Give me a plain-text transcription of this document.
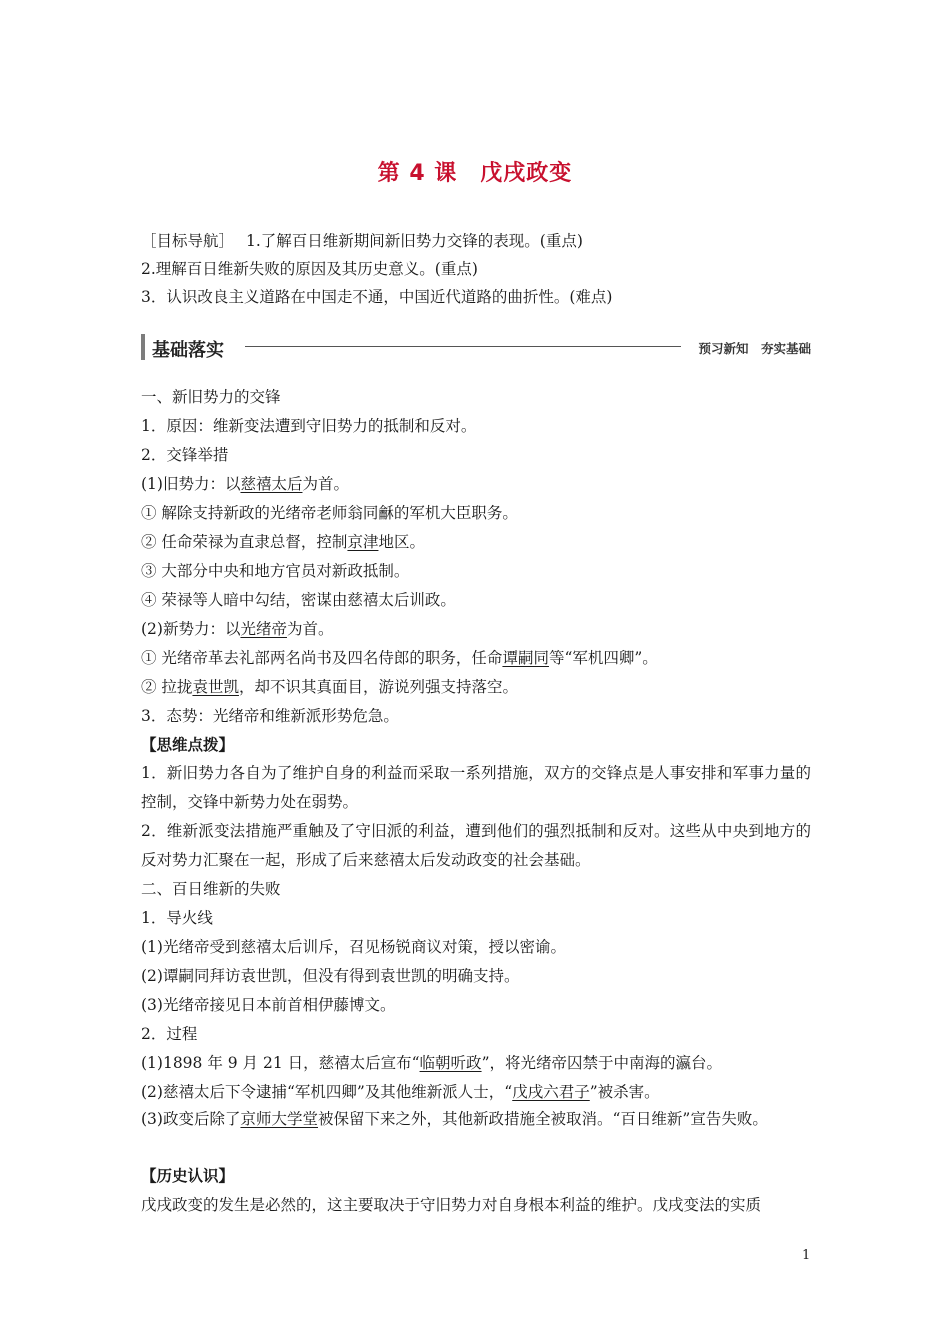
第 4 课　戊戌政变
［目标导航］ 1.了解百日维新期间新旧势力交锋的表现。(重点)
2.理解百日维新失败的原因及其历史意义。(重点)
3．认识改良主义道路在中国走不通，中国近代道路的曲折性。(难点)
基础落实	预习新知　夯实基础
一、新旧势力的交锋
1．原因：维新变法遭到守旧势力的抵制和反对。
2．交锋举措
(1)旧势力：以慈禧太后为首。
① 解除支持新政的光绪帝老师翁同龢的军机大臣职务。
② 任命荣禄为直隶总督，控制京津地区。
③ 大部分中央和地方官员对新政抵制。
④ 荣禄等人暗中勾结，密谋由慈禧太后训政。
(2)新势力：以光绪帝为首。
① 光绪帝革去礼部两名尚书及四名侍郎的职务，任命谭嗣同等“军机四卿”。
② 拉拢袁世凯，却不识其真面目，游说列强支持落空。
3．态势：光绪帝和维新派形势危急。
【思维点拨】
1．新旧势力各自为了维护自身的利益而采取一系列措施，双方的交锋点是人事安排和军事力量的控制，交锋中新势力处在弱势。
2．维新派变法措施严重触及了守旧派的利益，遭到他们的强烈抵制和反对。这些从中央到地方的反对势力汇聚在一起，形成了后来慈禧太后发动政变的社会基础。
二、百日维新的失败
1．导火线
(1)光绪帝受到慈禧太后训斥，召见杨锐商议对策，授以密谕。
(2)谭嗣同拜访袁世凯，但没有得到袁世凯的明确支持。
(3)光绪帝接见日本前首相伊藤博文。
2．过程
(1)1898 年 9 月 21 日，慈禧太后宣布“临朝听政”，将光绪帝囚禁于中南海的瀛台。
(2)慈禧太后下令逮捕“军机四卿”及其他维新派人士，“戊戌六君子”被杀害。
(3)政变后除了京师大学堂被保留下来之外，其他新政措施全被取消。“百日维新”宣告失败。
【历史认识】
戊戌政变的发生是必然的，这主要取决于守旧势力对自身根本利益的维护。戊戌变法的实质
1
